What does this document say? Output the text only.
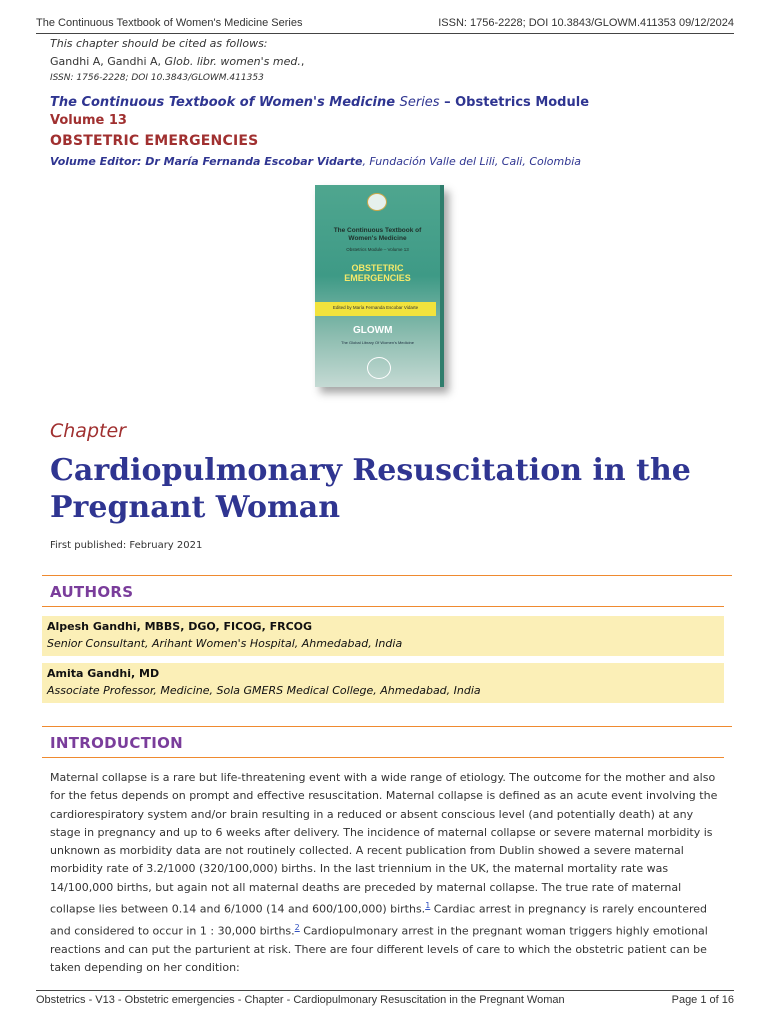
The Continuous Textbook of Women's Medicine Series	ISSN: 1756-2228; DOI 10.3843/GLOWM.411353 09/12/2024
This chapter should be cited as follows:
Gandhi A, Gandhi A, Glob. libr. women's med.,
ISSN: 1756-2228; DOI 10.3843/GLOWM.411353
The Continuous Textbook of Women's Medicine Series – Obstetrics Module
Volume 13
OBSTETRIC EMERGENCIES
Volume Editor: Dr María Fernanda Escobar Vidarte, Fundación Valle del Lili, Cali, Colombia
The Continuous Textbook of Women's Medicine
Obstetrics Module – Volume 13
OBSTETRIC EMERGENCIES
Edited by María Fernanda Escobar Vidarte
GLOWM
The Global Library Of Women's Medicine
Chapter
Cardiopulmonary Resuscitation in the Pregnant Woman
First published: February 2021
AUTHORS
Alpesh Gandhi, MBBS, DGO, FICOG, FRCOG
Senior Consultant, Arihant Women's Hospital, Ahmedabad, India
Amita Gandhi, MD
Associate Professor, Medicine, Sola GMERS Medical College, Ahmedabad, India
INTRODUCTION
Maternal collapse is a rare but life-threatening event with a wide range of etiology. The outcome for the mother and also for the fetus depends on prompt and effective resuscitation. Maternal collapse is defined as an acute event involving the cardiorespiratory system and/or brain resulting in a reduced or absent conscious level (and potentially death) at any stage in pregnancy and up to 6 weeks after delivery. The incidence of maternal collapse or severe maternal morbidity is unknown as morbidity data are not routinely collected. A recent publication from Dublin showed a severe maternal morbidity rate of 3.2/1000 (320/100,000) births. In the last triennium in the UK, the maternal mortality rate was 14/100,000 births, but again not all maternal deaths are preceded by maternal collapse. The true rate of maternal collapse lies between 0.14 and 6/1000 (14 and 600/100,000) births.$^1$ Cardiac arrest in pregnancy is rarely encountered and considered to occur in 1 : 30,000 births.$^2$ Cardiopulmonary arrest in the pregnant woman triggers highly emotional reactions and can put the parturient at risk. There are four different levels of care to which the obstetric patient can be taken depending on her condition:
Obstetrics - V13 - Obstetric emergencies - Chapter - Cardiopulmonary Resuscitation in the Pregnant Woman	Page 1 of 16
